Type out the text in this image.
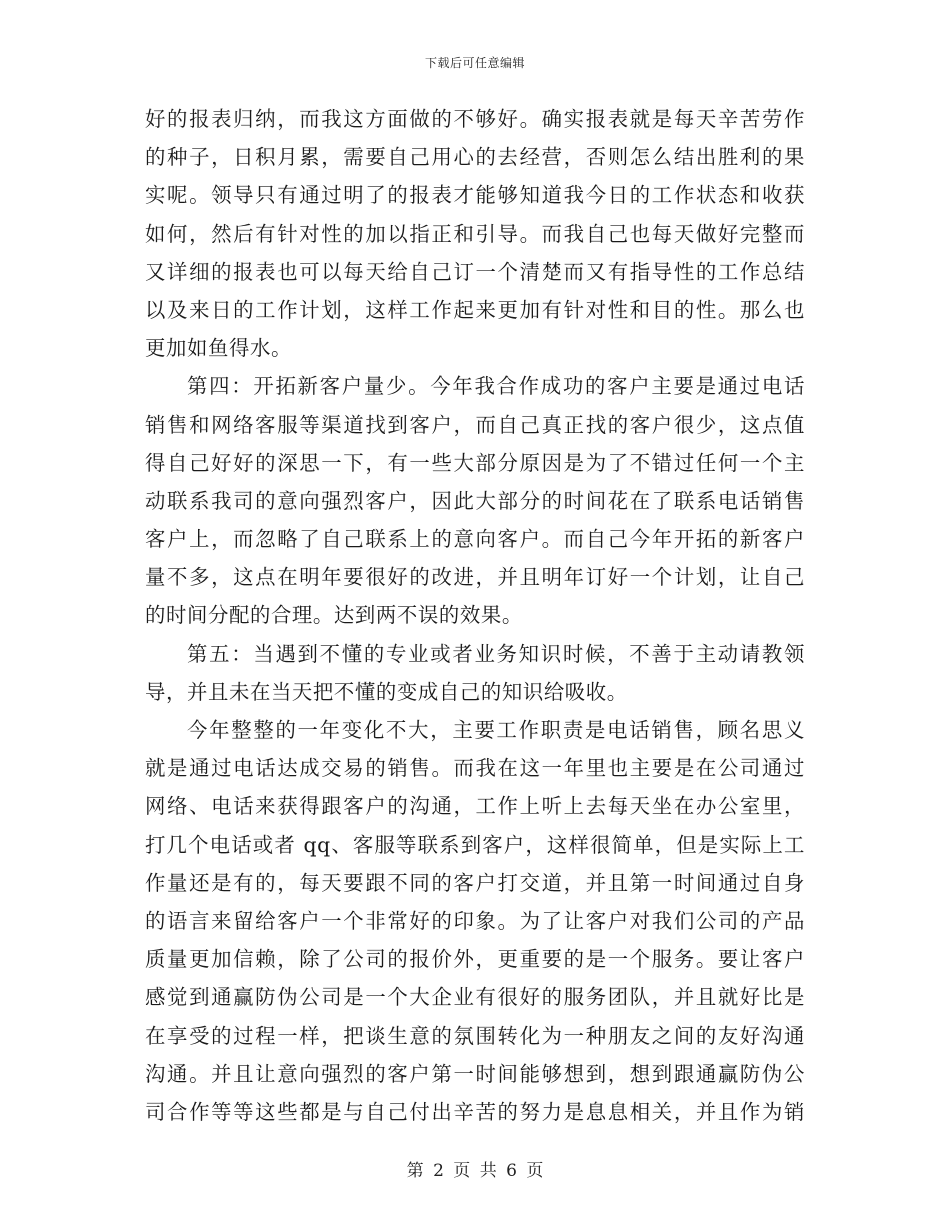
下载后可任意编辑
好的报表归纳，而我这方面做的不够好。确实报表就是每天辛苦劳作
的种子，日积月累，需要自己用心的去经营，否则怎么结出胜利的果
实呢。领导只有通过明了的报表才能够知道我今日的工作状态和收获
如何，然后有针对性的加以指正和引导。而我自己也每天做好完整而
又详细的报表也可以每天给自己订一个清楚而又有指导性的工作总结
以及来日的工作计划，这样工作起来更加有针对性和目的性。那么也
更加如鱼得水。
第四：开拓新客户量少。今年我合作成功的客户主要是通过电话
销售和网络客服等渠道找到客户，而自己真正找的客户很少，这点值
得自己好好的深思一下，有一些大部分原因是为了不错过任何一个主
动联系我司的意向强烈客户，因此大部分的时间花在了联系电话销售
客户上，而忽略了自己联系上的意向客户。而自己今年开拓的新客户
量不多，这点在明年要很好的改进，并且明年订好一个计划，让自己
的时间分配的合理。达到两不误的效果。
第五：当遇到不懂的专业或者业务知识时候，不善于主动请教领
导，并且未在当天把不懂的变成自己的知识给吸收。
今年整整的一年变化不大，主要工作职责是电话销售，顾名思义
就是通过电话达成交易的销售。而我在这一年里也主要是在公司通过
网络、电话来获得跟客户的沟通，工作上听上去每天坐在办公室里，
打几个电话或者 qq、客服等联系到客户，这样很简单，但是实际上工
作量还是有的，每天要跟不同的客户打交道，并且第一时间通过自身
的语言来留给客户一个非常好的印象。为了让客户对我们公司的产品
质量更加信赖，除了公司的报价外，更重要的是一个服务。要让客户
感觉到通赢防伪公司是一个大企业有很好的服务团队，并且就好比是
在享受的过程一样，把谈生意的氛围转化为一种朋友之间的友好沟通
沟通。并且让意向强烈的客户第一时间能够想到，想到跟通赢防伪公
司合作等等这些都是与自己付出辛苦的努力是息息相关，并且作为销
第 2 页 共 6 页
